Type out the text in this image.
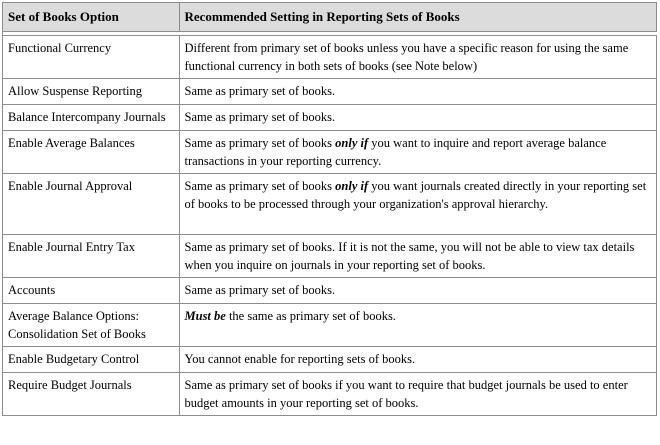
Set of Books Option	Recommended Setting in Reporting Sets of Books

Functional Currency	Different from primary set of books unless you have a specific reason for using the same functional currency in both sets of books (see Note below)
Allow Suspense Reporting	Same as primary set of books.
Balance Intercompany Journals	Same as primary set of books.
Enable Average Balances	Same as primary set of books only if you want to inquire and report average balance transactions in your reporting currency.
Enable Journal Approval	Same as primary set of books only if you want journals created directly in your reporting set of books to be processed through your organization's approval hierarchy.
Enable Journal Entry Tax	Same as primary set of books. If it is not the same, you will not be able to view tax details when you inquire on journals in your reporting set of books.
Accounts	Same as primary set of books.
Average Balance Options: Consolidation Set of Books	Must be the same as primary set of books.
Enable Budgetary Control	You cannot enable for reporting sets of books.
Require Budget Journals	Same as primary set of books if you want to require that budget journals be used to enter budget amounts in your reporting set of books.
